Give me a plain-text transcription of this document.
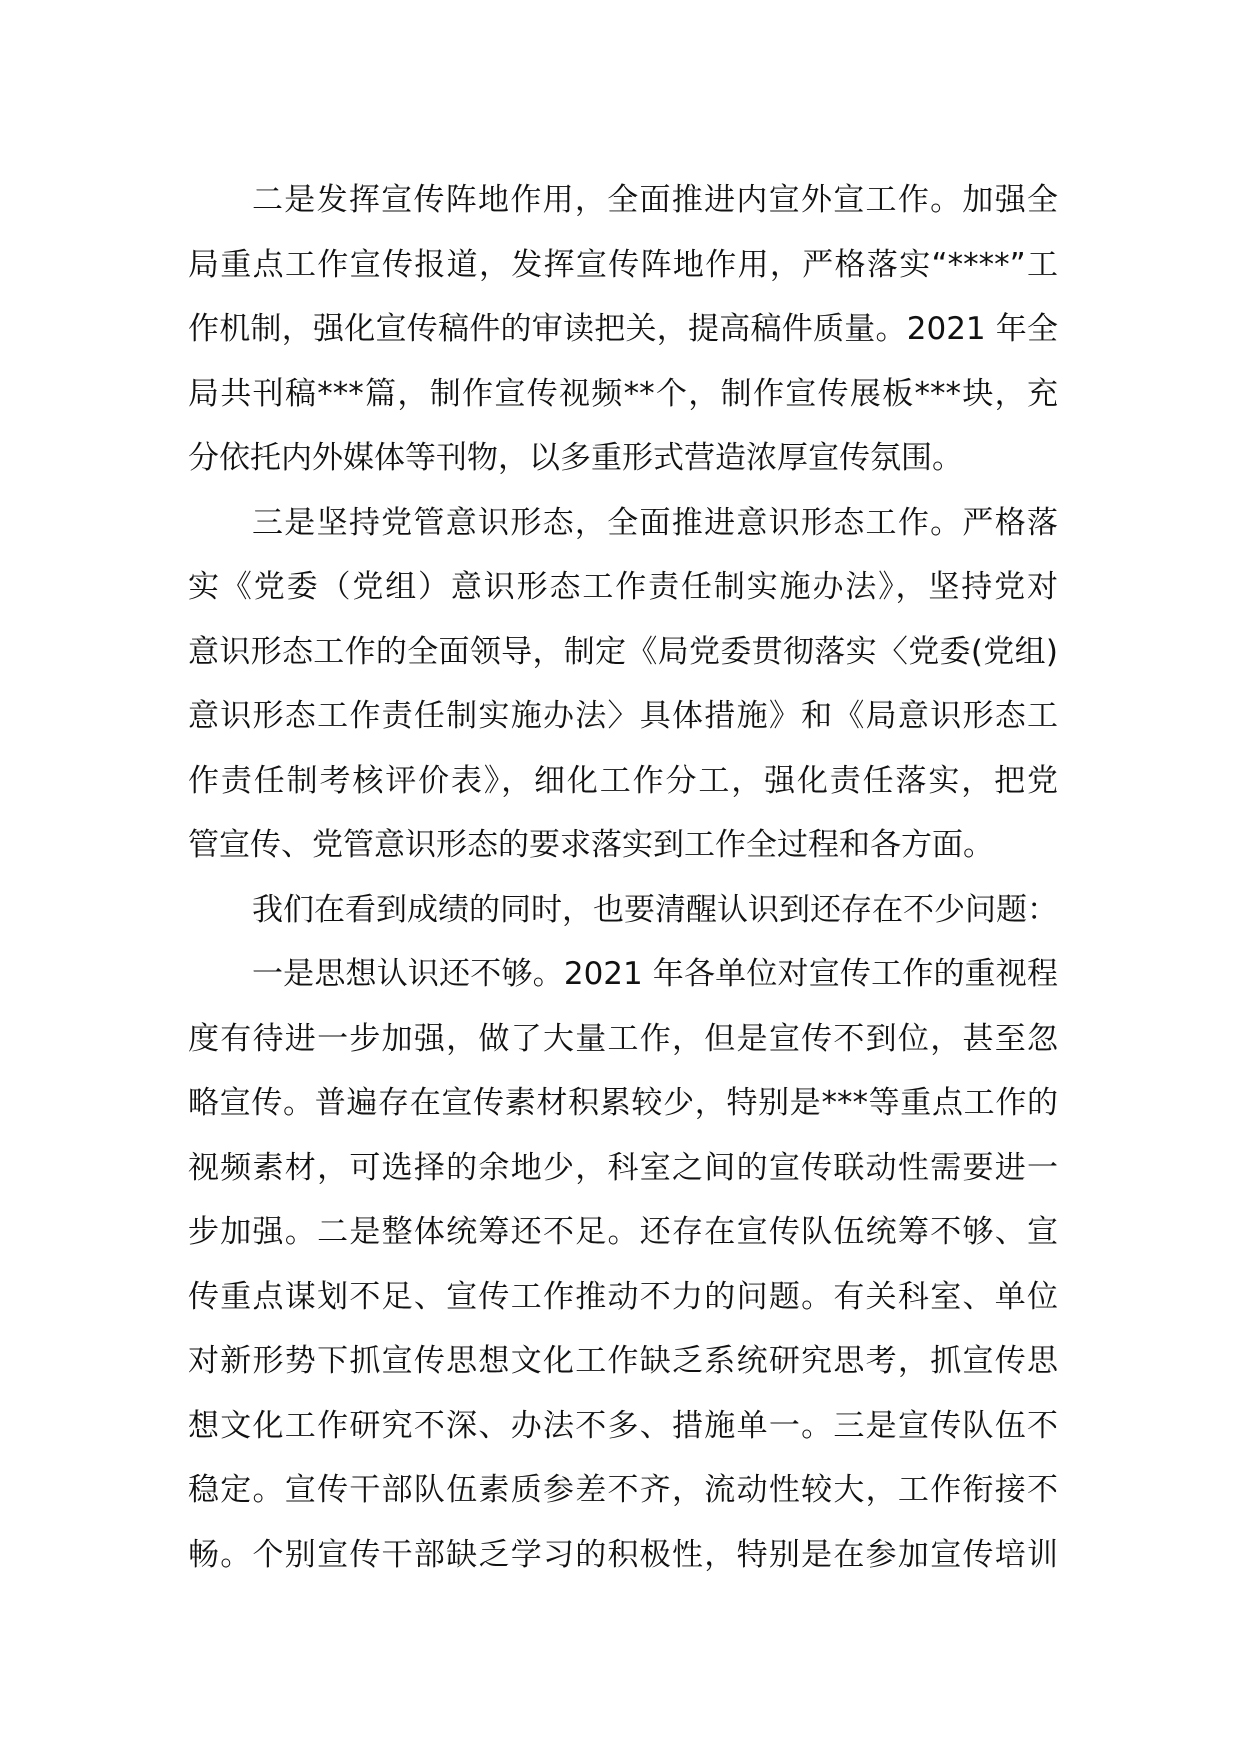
二是发挥宣传阵地作用，全面推进内宣外宣工作。加强全
局重点工作宣传报道，发挥宣传阵地作用，严格落实“****”工
作机制，强化宣传稿件的审读把关，提高稿件质量。2021 年全
局共刊稿***篇，制作宣传视频**个，制作宣传展板***块，充
分依托内外媒体等刊物，以多重形式营造浓厚宣传氛围。
三是坚持党管意识形态，全面推进意识形态工作。严格落
实《党委（党组）意识形态工作责任制实施办法》，坚持党对
意识形态工作的全面领导，制定《局党委贯彻落实〈党委(党组)
意识形态工作责任制实施办法〉具体措施》和《局意识形态工
作责任制考核评价表》，细化工作分工，强化责任落实，把党
管宣传、党管意识形态的要求落实到工作全过程和各方面。
我们在看到成绩的同时，也要清醒认识到还存在不少问题：
一是思想认识还不够。2021 年各单位对宣传工作的重视程
度有待进一步加强，做了大量工作，但是宣传不到位，甚至忽
略宣传。普遍存在宣传素材积累较少，特别是***等重点工作的
视频素材，可选择的余地少，科室之间的宣传联动性需要进一
步加强。二是整体统筹还不足。还存在宣传队伍统筹不够、宣
传重点谋划不足、宣传工作推动不力的问题。有关科室、单位
对新形势下抓宣传思想文化工作缺乏系统研究思考，抓宣传思
想文化工作研究不深、办法不多、措施单一。三是宣传队伍不
稳定。宣传干部队伍素质参差不齐，流动性较大，工作衔接不
畅。个别宣传干部缺乏学习的积极性，特别是在参加宣传培训
